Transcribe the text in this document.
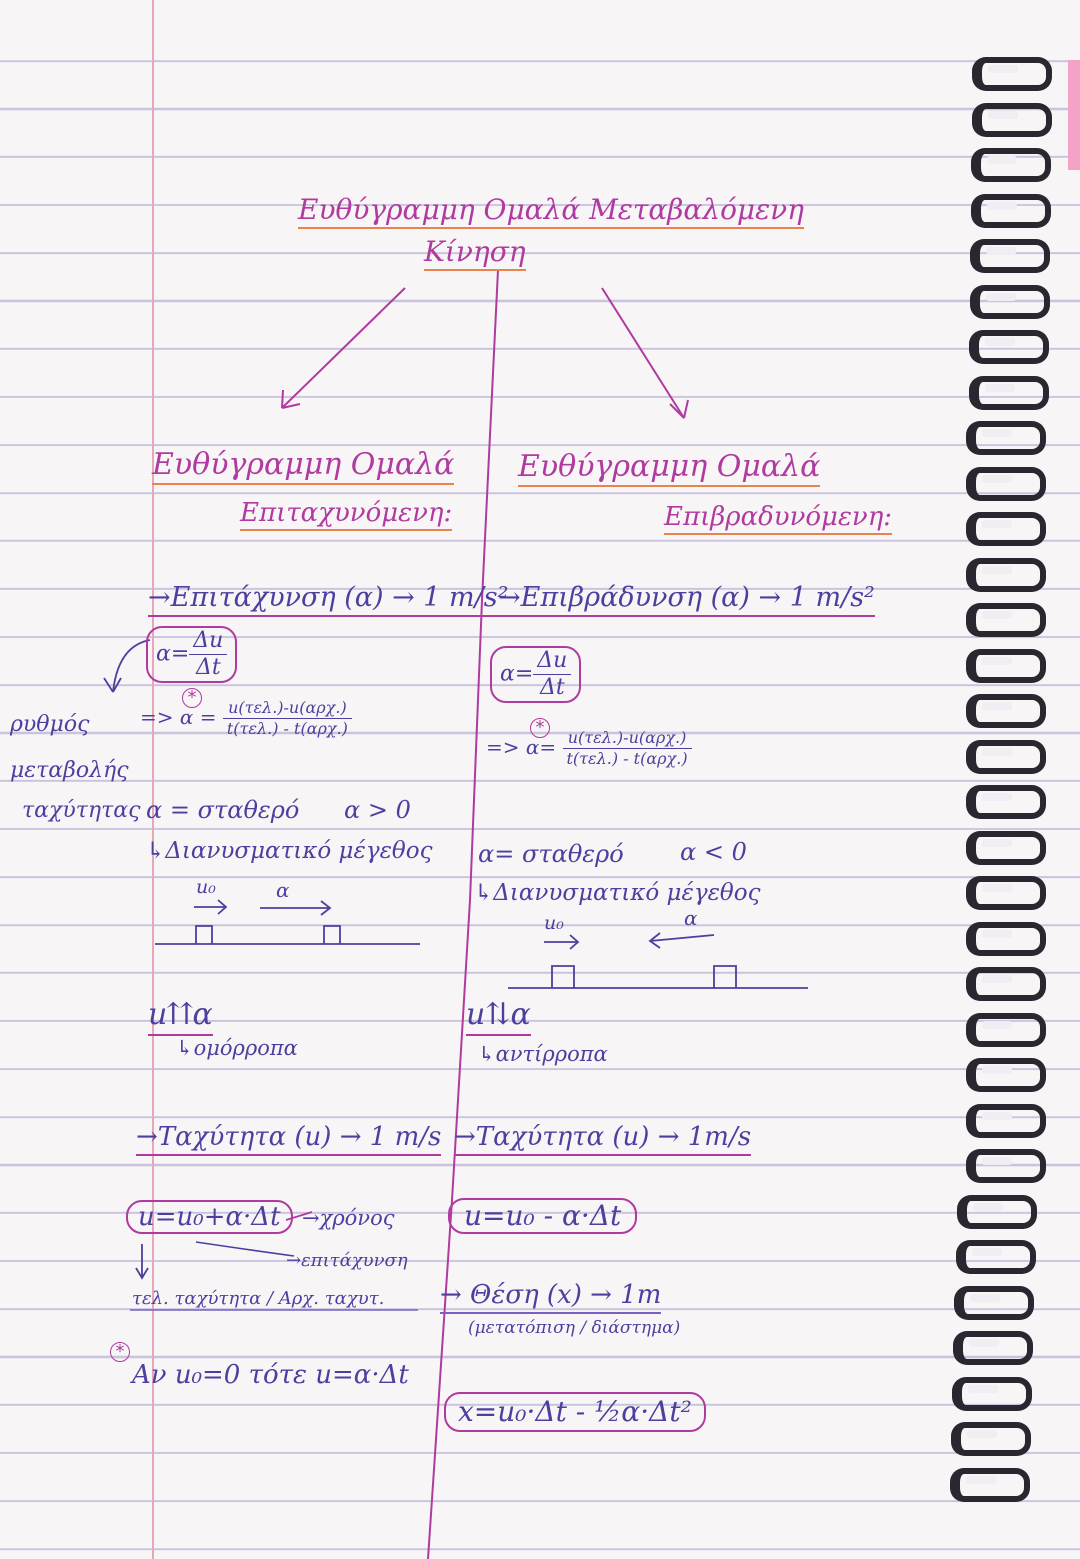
Ευθύγραμμη Ομαλά Μεταβαλόμενη
Κίνηση
Ευθύγραμμη Ομαλά
Επιταχυνόμενη:
Ευθύγραμμη Ομαλά
Επιβραδυνόμενη:
→Επιτάχυνση (α) → 1 m/s²
→Επιβράδυνση (α) → 1 m/s²
$\alpha= \frac{\Delta u}{\Delta t}$
*
=> $\alpha = \frac{\text{u(τελ.)-u(αρχ.)}}{\text{t(τελ.) - t(αρχ.)}}$
ρυθμός
μεταβολής
ταχύτητας α = σταθερό α > 0
↳Διανυσματικό μέγεθος
u₀	α
u⇈α
↳ομόρροπα
$\alpha= \frac{\Delta u}{\Delta t}$
*
=> $\alpha= \frac{\text{u(τελ.)-u(αρχ.)}}{\text{t(τελ.) - t(αρχ.)}}$
α= σταθερό α < 0
↳Διανυσματικό μέγεθος
u₀	α
u⇅α
↳αντίρροπα
→Ταχύτητα (u) → 1 m/s →Ταχύτητα (u) → 1m/s
u=u₀+α·Δt	→χρόνος
→επιτάχυνση
τελ. ταχύτητα / Αρχ. ταχυτ.
*
Αν u₀=0 τότε u=α·Δt
u=u₀ - α·Δt
→ Θέση (x) → 1m
(μετατόπιση / διάστημα)
x=u₀·Δt - ½α·Δt²
